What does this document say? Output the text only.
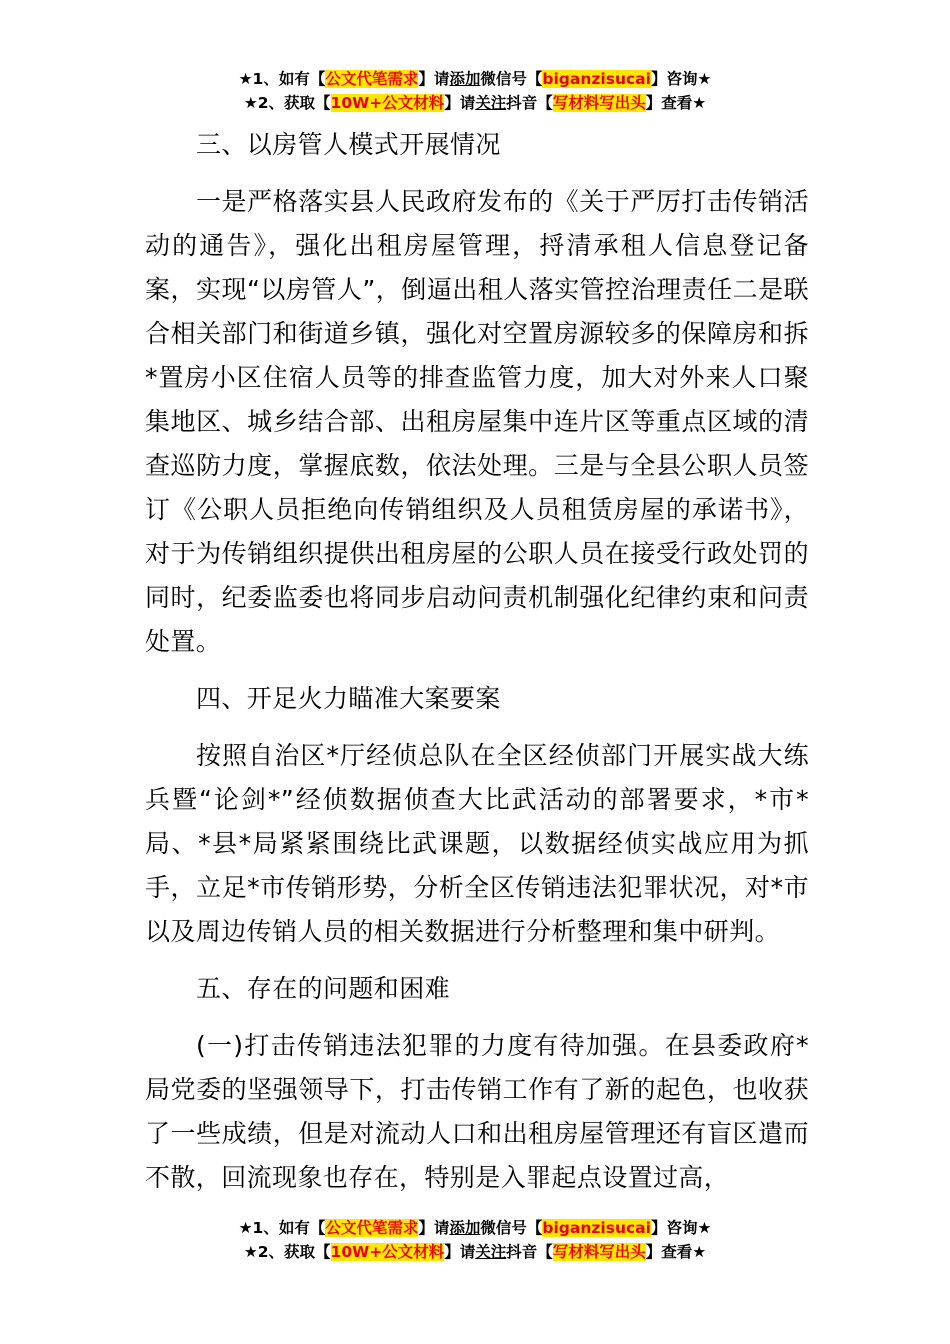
★1、如有【公文代笔需求】请添加微信号【biganzisucai】咨询★
★2、获取【10W+公文材料】请关注抖音【写材料写出头】查看★

三、以房管人模式开展情况

一是严格落实县人民政府发布的《关于严厉打击传销活动的通告》，强化出租房屋管理，捋清承租人信息登记备案，实现“以房管人”，倒逼出租人落实管控治理责任二是联合相关部门和街道乡镇，强化对空置房源较多的保障房和拆*置房小区住宿人员等的排查监管力度，加大对外来人口聚集地区、城乡结合部、出租房屋集中连片区等重点区域的清查巡防力度，掌握底数，依法处理。三是与全县公职人员签订《公职人员拒绝向传销组织及人员租赁房屋的承诺书》，对于为传销组织提供出租房屋的公职人员在接受行政处罚的同时，纪委监委也将同步启动问责机制强化纪律约束和问责处置。

四、开足火力瞄准大案要案

按照自治区*厅经侦总队在全区经侦部门开展实战大练兵暨“论剑*”经侦数据侦查大比武活动的部署要求，*市*局、*县*局紧紧围绕比武课题，以数据经侦实战应用为抓手，立足*市传销形势，分析全区传销违法犯罪状况，对*市以及周边传销人员的相关数据进行分析整理和集中研判。

五、存在的问题和困难

(一)打击传销违法犯罪的力度有待加强。在县委政府*局党委的坚强领导下，打击传销工作有了新的起色，也收获了一些成绩，但是对流动人口和出租房屋管理还有盲区遣而不散，回流现象也存在，特别是入罪起点设置过高，

★1、如有【公文代笔需求】请添加微信号【biganzisucai】咨询★
★2、获取【10W+公文材料】请关注抖音【写材料写出头】查看★
